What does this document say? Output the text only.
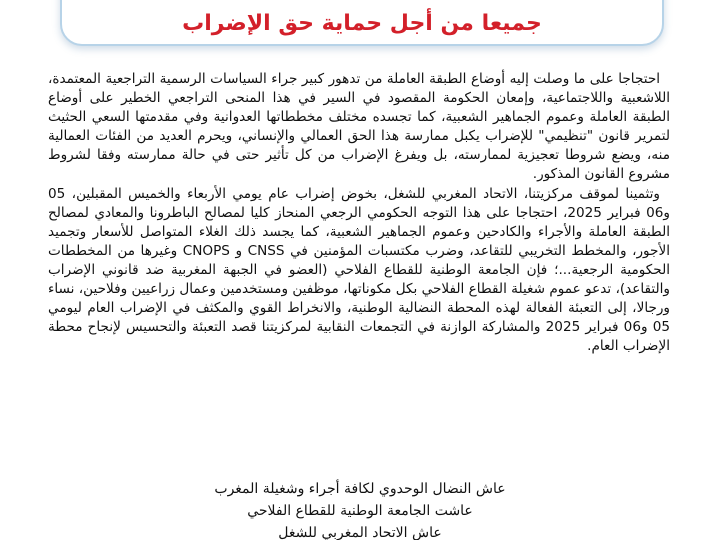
جميعا من أجل حماية حق الإضراب

احتجاجا على ما وصلت إليه أوضاع الطبقة العاملة من تدهور كبير جراء السياسات الرسمية التراجعية المعتمدة، اللاشعبية واللاجتماعية، وإمعان الحكومة المقصود في السير في هذا المنحى التراجعي الخطير على أوضاع الطبقة العاملة وعموم الجماهير الشعبية، كما تجسده مختلف مخططاتها العدوانية وفي مقدمتها السعي الحثيث لتمرير قانون "تنظيمي" للإضراب يكبل ممارسة هذا الحق العمالي والإنساني، ويحرم العديد من الفئات العمالية منه، ويضع شروطا تعجيزية لممارسته، بل ويفرغ الإضراب من كل تأثير حتى في حالة ممارسته وفقا لشروط مشروع القانون المذكور.

وتثمينا لموقف مركزيتنا، الاتحاد المغربي للشغل، بخوض إضراب عام يومي الأربعاء والخميس المقبلين، 05 و06 فبراير 2025، احتجاجا على هذا التوجه الحكومي الرجعي المنحاز كليا لمصالح الباطرونا والمعادي لمصالح الطبقة العاملة والأجراء والكادحين وعموم الجماهير الشعبية، كما يجسد ذلك الغلاء المتواصل للأسعار وتجميد الأجور، والمخطط التخريبي للتقاعد، وضرب مكتسبات المؤمنين في CNSS و CNOPS وغيرها من المخططات الحكومية الرجعية...؛ فإن الجامعة الوطنية للقطاع الفلاحي (العضو في الجبهة المغربية ضد قانوني الإضراب والتقاعد)، تدعو عموم شغيلة القطاع الفلاحي بكل مكوناتها، موظفين ومستخدمين وعمال زراعيين وفلاحين، نساء ورجالا، إلى التعبئة الفعالة لهذه المحطة النضالية الوطنية، والانخراط القوي والمكثف في الإضراب العام ليومي 05 و06 فبراير 2025 والمشاركة الوازنة في التجمعات النقابية لمركزيتنا قصد التعبئة والتحسيس لإنجاح محطة الإضراب العام.

عاش النضال الوحدوي لكافة أجراء وشغيلة المغرب
عاشت الجامعة الوطنية للقطاع الفلاحي
عاش الاتحاد المغربي للشغل
